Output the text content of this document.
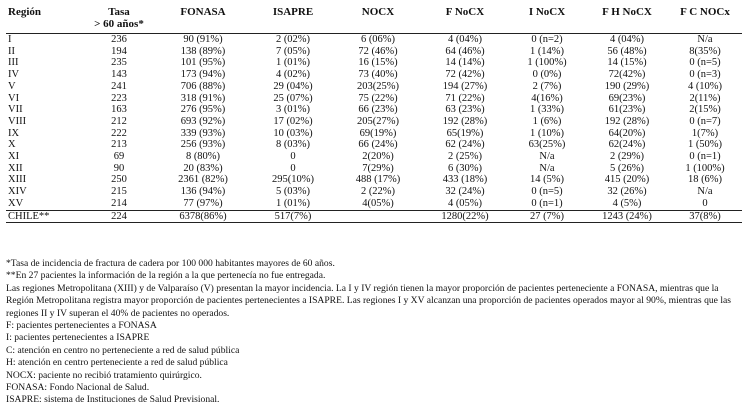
Región	Tasa
> 60 años*	FONASA	ISAPRE	NOCX	F NoCX	I NoCX	F H NoCX	F C NOCx
I	236	90 (91%)	2 (02%)	6 (06%)	4 (04%)	0 (n=2)	4 (04%)	N/a
II	194	138 (89%)	7 (05%)	72 (46%)	64 (46%)	1 (14%)	56 (48%)	8(35%)
III	235	101 (95%)	1 (01%)	16 (15%)	14 (14%)	1 (100%)	14 (15%)	0 (n=5)
IV	143	173 (94%)	4 (02%)	73 (40%)	72 (42%)	0 (0%)	72(42%)	0 (n=3)
V	241	706 (88%)	29 (04%)	203(25%)	194 (27%)	2 (7%)	190 (29%)	4 (10%)
VI	223	318 (91%)	25 (07%)	75 (22%)	71 (22%)	4(16%)	69(23%)	2(11%)
VII	163	276 (95%)	3 (01%)	66 (23%)	63 (23%)	1 (33%)	61(23%)	2(15%)
VIII	212	693 (92%)	17 (02%)	205(27%)	192 (28%)	1 (6%)	192 (28%)	0 (n=7)
IX	222	339 (93%)	10 (03%)	69(19%)	65(19%)	1 (10%)	64(20%)	1(7%)
X	213	256 (93%)	8 (03%)	66 (24%)	62 (24%)	63(25%)	62(24%)	1 (50%)
XI	69	8 (80%)	0	2(20%)	2 (25%)	N/a	2 (29%)	0 (n=1)
XII	90	20 (83%)	0	7(29%)	6 (30%)	N/a	5 (26%)	1 (100%)
XIII	250	2361 (82%)	295(10%)	488 (17%)	433 (18%)	14 (5%)	415 (20%)	18 (6%)
XIV	215	136 (94%)	5 (03%)	2 (22%)	32 (24%)	0 (n=5)	32 (26%)	N/a
XV	214	77 (97%)	1 (01%)	4(05%)	4 (05%)	0 (n=1)	4 (5%)	0
CHILE**	224	6378(86%)	517(7%)		1280(22%)	27 (7%)	1243 (24%)	37(8%)
*Tasa de incidencia de fractura de cadera por 100 000 habitantes mayores de 60 años.
**En 27 pacientes la información de la región a la que pertenecía no fue entregada.
Las regiones Metropolitana (XIII) y de Valparaíso (V) presentan la mayor incidencia. La I y IV región tienen la mayor proporción de pacientes perteneciente a FONASA, mientras que la Región Metropolitana registra mayor proporción de pacientes pertenecientes a ISAPRE. Las regiones I y XV alcanzan una proporción de pacientes operados mayor al 90%, mientras que las regiones II y IV superan el 40% de pacientes no operados.
F: pacientes pertenecientes a FONASA
I: pacientes pertenecientes a ISAPRE
C: atención en centro no perteneciente a red de salud pública
H: atención en centro perteneciente a red de salud pública
NOCX: paciente no recibió tratamiento quirúrgico.
FONASA: Fondo Nacional de Salud.
ISAPRE: sistema de Instituciones de Salud Previsional.
